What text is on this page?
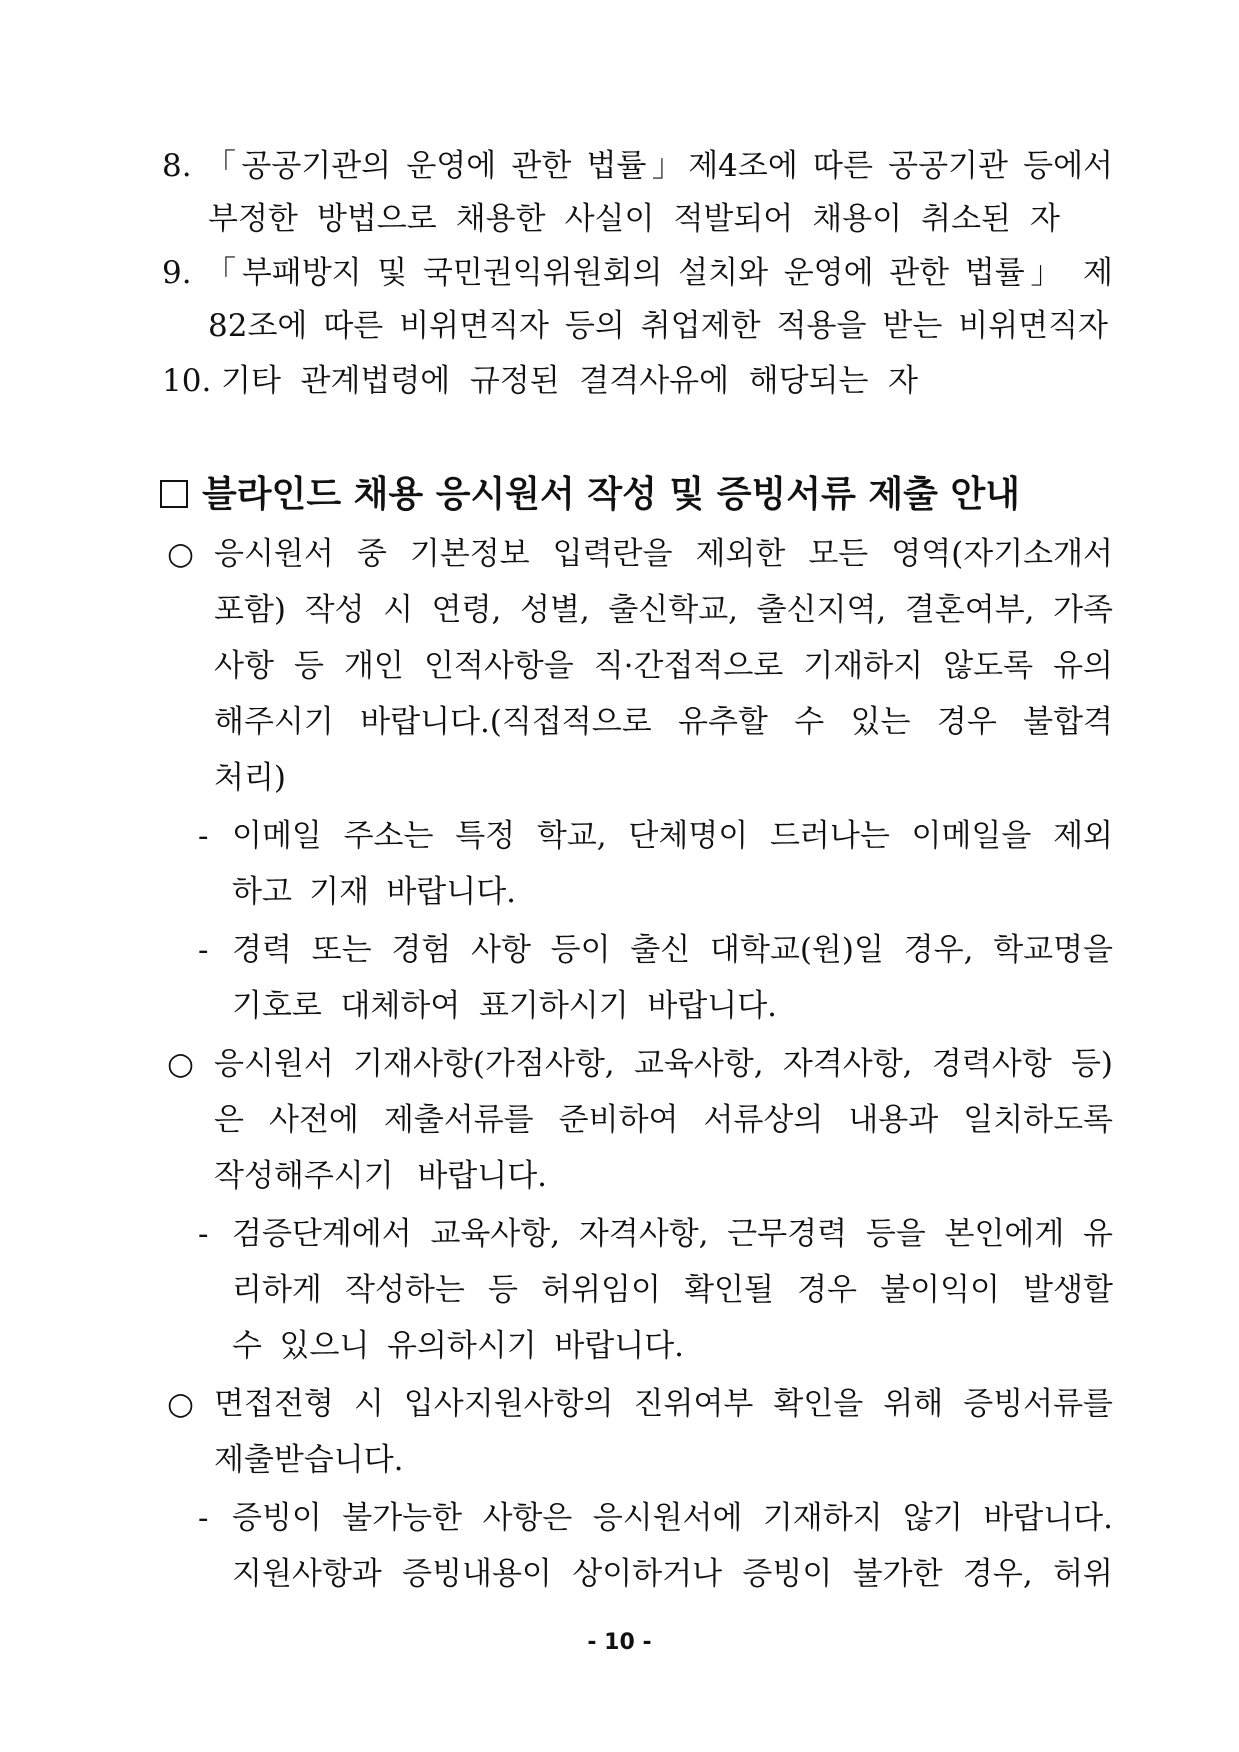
8. 「공공기관의 운영에 관한 법률」제4조에 따른 공공기관 등에서
부정한 방법으로 채용한 사실이 적발되어 채용이 취소된 자
9. 「부패방지 및 국민권익위원회의 설치와 운영에 관한 법률」 제
82조에 따른 비위면직자 등의 취업제한 적용을 받는 비위면직자
10. 기타 관계법령에 규정된 결격사유에 해당되는 자
블라인드 채용 응시원서 작성 및 증빙서류 제출 안내
○ 응시원서 중 기본정보 입력란을 제외한 모든 영역(자기소개서
포함) 작성 시 연령, 성별, 출신학교, 출신지역, 결혼여부, 가족
사항 등 개인 인적사항을 직·간접적으로 기재하지 않도록 유의
해주시기 바랍니다.(직접적으로 유추할 수 있는 경우 불합격
처리)
- 이메일 주소는 특정 학교, 단체명이 드러나는 이메일을 제외
하고 기재 바랍니다.
- 경력 또는 경험 사항 등이 출신 대학교(원)일 경우, 학교명을
기호로 대체하여 표기하시기 바랍니다.
○ 응시원서 기재사항(가점사항, 교육사항, 자격사항, 경력사항 등)
은 사전에 제출서류를 준비하여 서류상의 내용과 일치하도록
작성해주시기 바랍니다.
- 검증단계에서 교육사항, 자격사항, 근무경력 등을 본인에게 유
리하게 작성하는 등 허위임이 확인될 경우 불이익이 발생할
수 있으니 유의하시기 바랍니다.
○ 면접전형 시 입사지원사항의 진위여부 확인을 위해 증빙서류를
제출받습니다.
- 증빙이 불가능한 사항은 응시원서에 기재하지 않기 바랍니다.
지원사항과 증빙내용이 상이하거나 증빙이 불가한 경우, 허위
- 10 -
